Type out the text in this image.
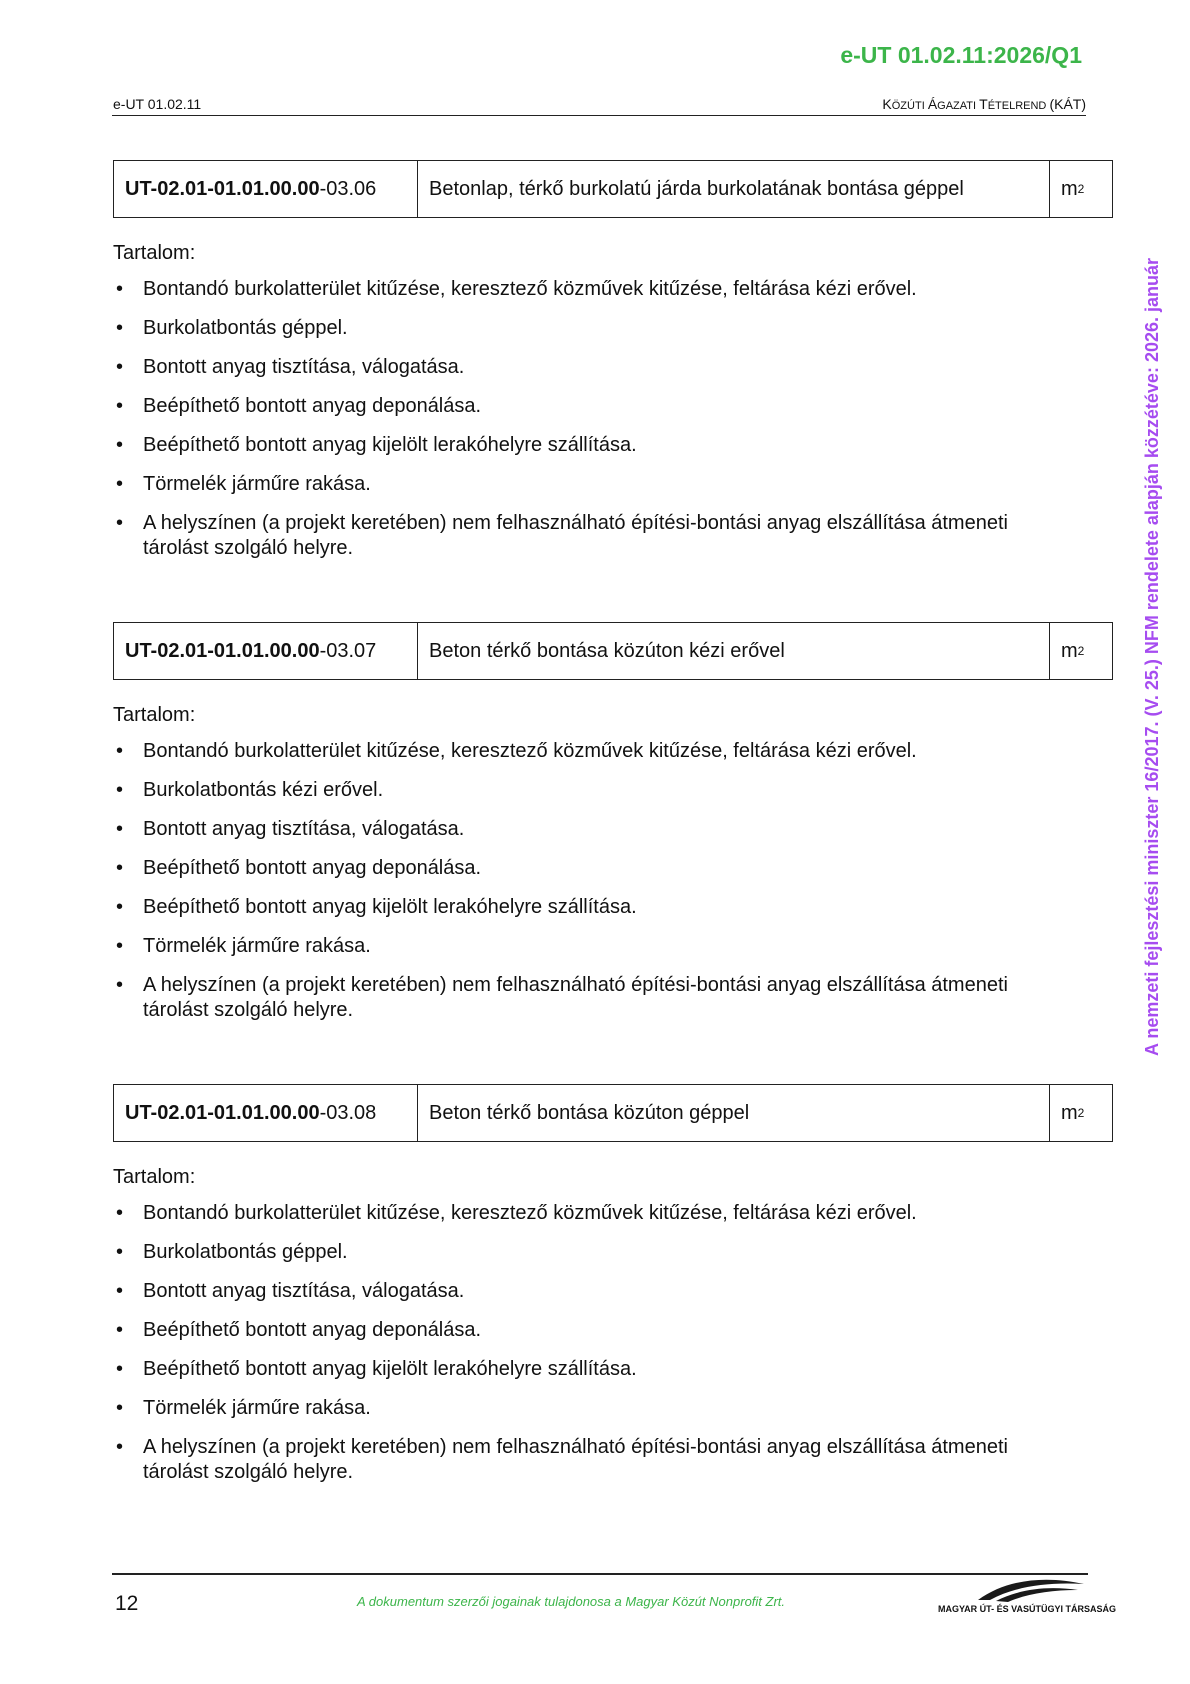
e-UT 01.02.11:2026/Q1
e-UT 01.02.11	KÖZÚTI ÁGAZATI TÉTELREND (KÁT)
A nemzeti fejlesztési miniszter 16/2017. (V. 25.) NFM rendelete alapján közzétéve: 2026. január
UT-02.01-01.01.00.00 -03.06	Betonlap, térkő burkolatú járda burkolatának bontása géppel	m 2
Tartalom:
• Bontandó burkolatterület kitűzése, keresztező közművek kitűzése, feltárása kézi erővel.
• Burkolatbontás géppel.
• Bontott anyag tisztítása, válogatása.
• Beépíthető bontott anyag deponálása.
• Beépíthető bontott anyag kijelölt lerakóhelyre szállítása.
• Törmelék járműre rakása.
• A helyszínen (a projekt keretében) nem felhasználható építési-bontási anyag elszállítása átmeneti tárolást szolgáló helyre.
UT-02.01-01.01.00.00 -03.07	Beton térkő bontása közúton kézi erővel	m 2
Tartalom:
• Bontandó burkolatterület kitűzése, keresztező közművek kitűzése, feltárása kézi erővel.
• Burkolatbontás kézi erővel.
• Bontott anyag tisztítása, válogatása.
• Beépíthető bontott anyag deponálása.
• Beépíthető bontott anyag kijelölt lerakóhelyre szállítása.
• Törmelék járműre rakása.
• A helyszínen (a projekt keretében) nem felhasználható építési-bontási anyag elszállítása átmeneti tárolást szolgáló helyre.
UT-02.01-01.01.00.00 -03.08	Beton térkő bontása közúton géppel	m 2
Tartalom:
• Bontandó burkolatterület kitűzése, keresztező közművek kitűzése, feltárása kézi erővel.
• Burkolatbontás géppel.
• Bontott anyag tisztítása, válogatása.
• Beépíthető bontott anyag deponálása.
• Beépíthető bontott anyag kijelölt lerakóhelyre szállítása.
• Törmelék járműre rakása.
• A helyszínen (a projekt keretében) nem felhasználható építési-bontási anyag elszállítása átmeneti tárolást szolgáló helyre.
12	A dokumentum szerzői jogainak tulajdonosa a Magyar Közút Nonprofit Zrt.	MAGYAR ÚT- ÉS VASÚTÜGYI TÁRSASÁG
